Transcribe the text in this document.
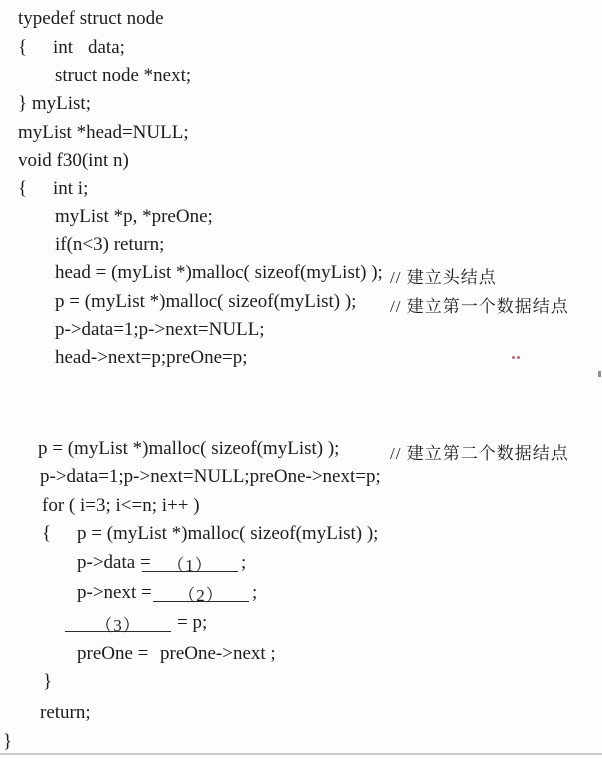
typedef struct node
{ int data;
struct node *next;
} myList;
myList *head=NULL;
void f30(int n)
{ int i;
myList *p, *preOne;
if(n<3) return;
head = (myList *)malloc( sizeof(myList) ); // 建立头结点
p = (myList *)malloc( sizeof(myList) ); // 建立第一个数据结点
p->data=1;p->next=NULL;
head->next=p;preOne=p;
p = (myList *)malloc( sizeof(myList) );	// 建立第二个数据结点
p->data=1;p->next=NULL;preOne->next=p;
for ( i=3; i<=n; i++ )
{ p = (myList *)malloc( sizeof(myList) );
p->data = （1）	;
p->next =	（2）	;
（3）	= p;
preOne = preOne->next ;
}
return;
}
